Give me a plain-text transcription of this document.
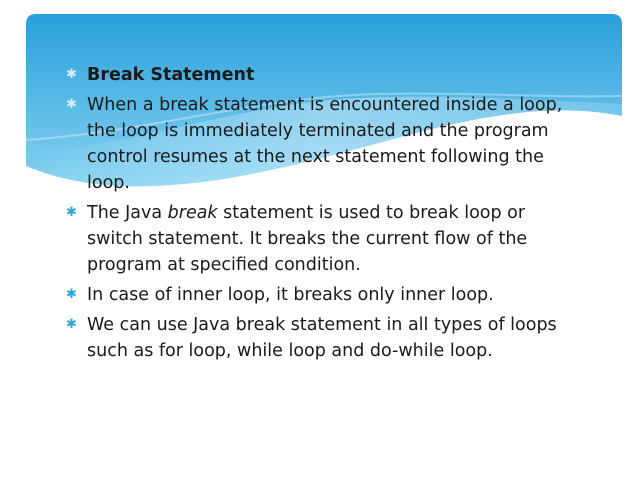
✱ Break Statement
✱ When a break statement is encountered inside a loop, the loop is immediately terminated and the program control resumes at the next statement following the loop.
✱ The Java break statement is used to break loop or switch statement. It breaks the current flow of the program at specified condition.
✱ In case of inner loop, it breaks only inner loop.
✱ We can use Java break statement in all types of loops such as for loop, while loop and do-while loop.
